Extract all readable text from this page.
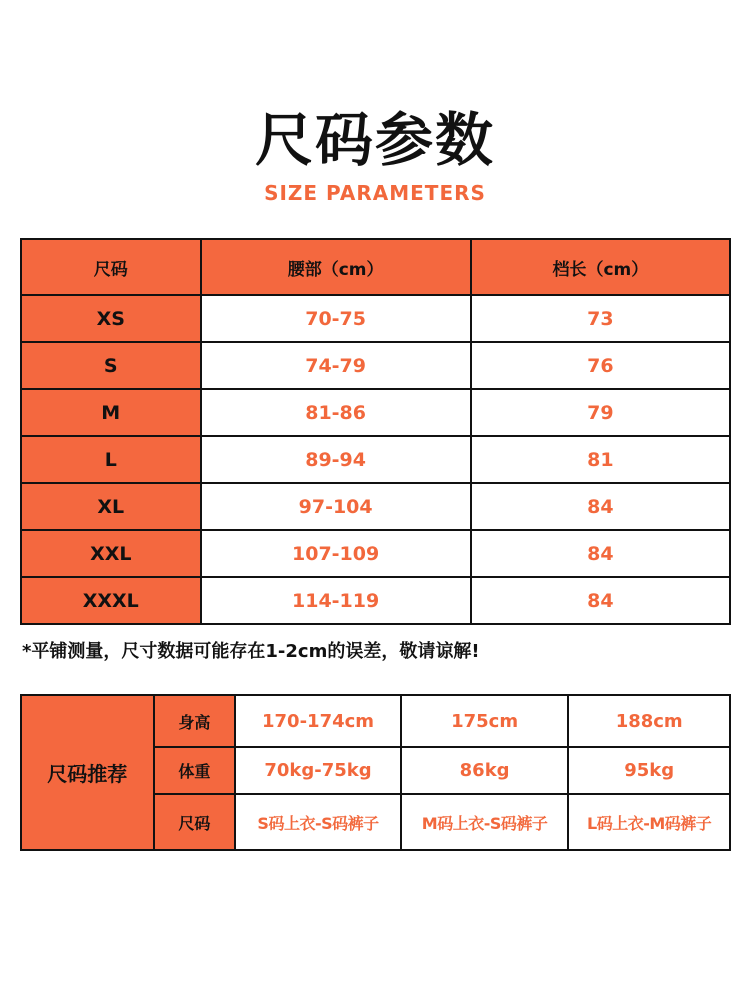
尺码参数
SIZE PARAMETERS
尺码	腰部（cm）	档长（cm）
XS	70-75	73
S	74-79	76
M	81-86	79
L	89-94	81
XL	97-104	84
XXL	107-109	84
XXXL	114-119	84
*平铺测量，尺寸数据可能存在1-2cm的误差，敬请谅解!
尺码推荐	身高	170-174cm	175cm	188cm
	体重	70kg-75kg	86kg	95kg
	尺码	S码上衣-S码裤子	M码上衣-S码裤子	L码上衣-M码裤子
